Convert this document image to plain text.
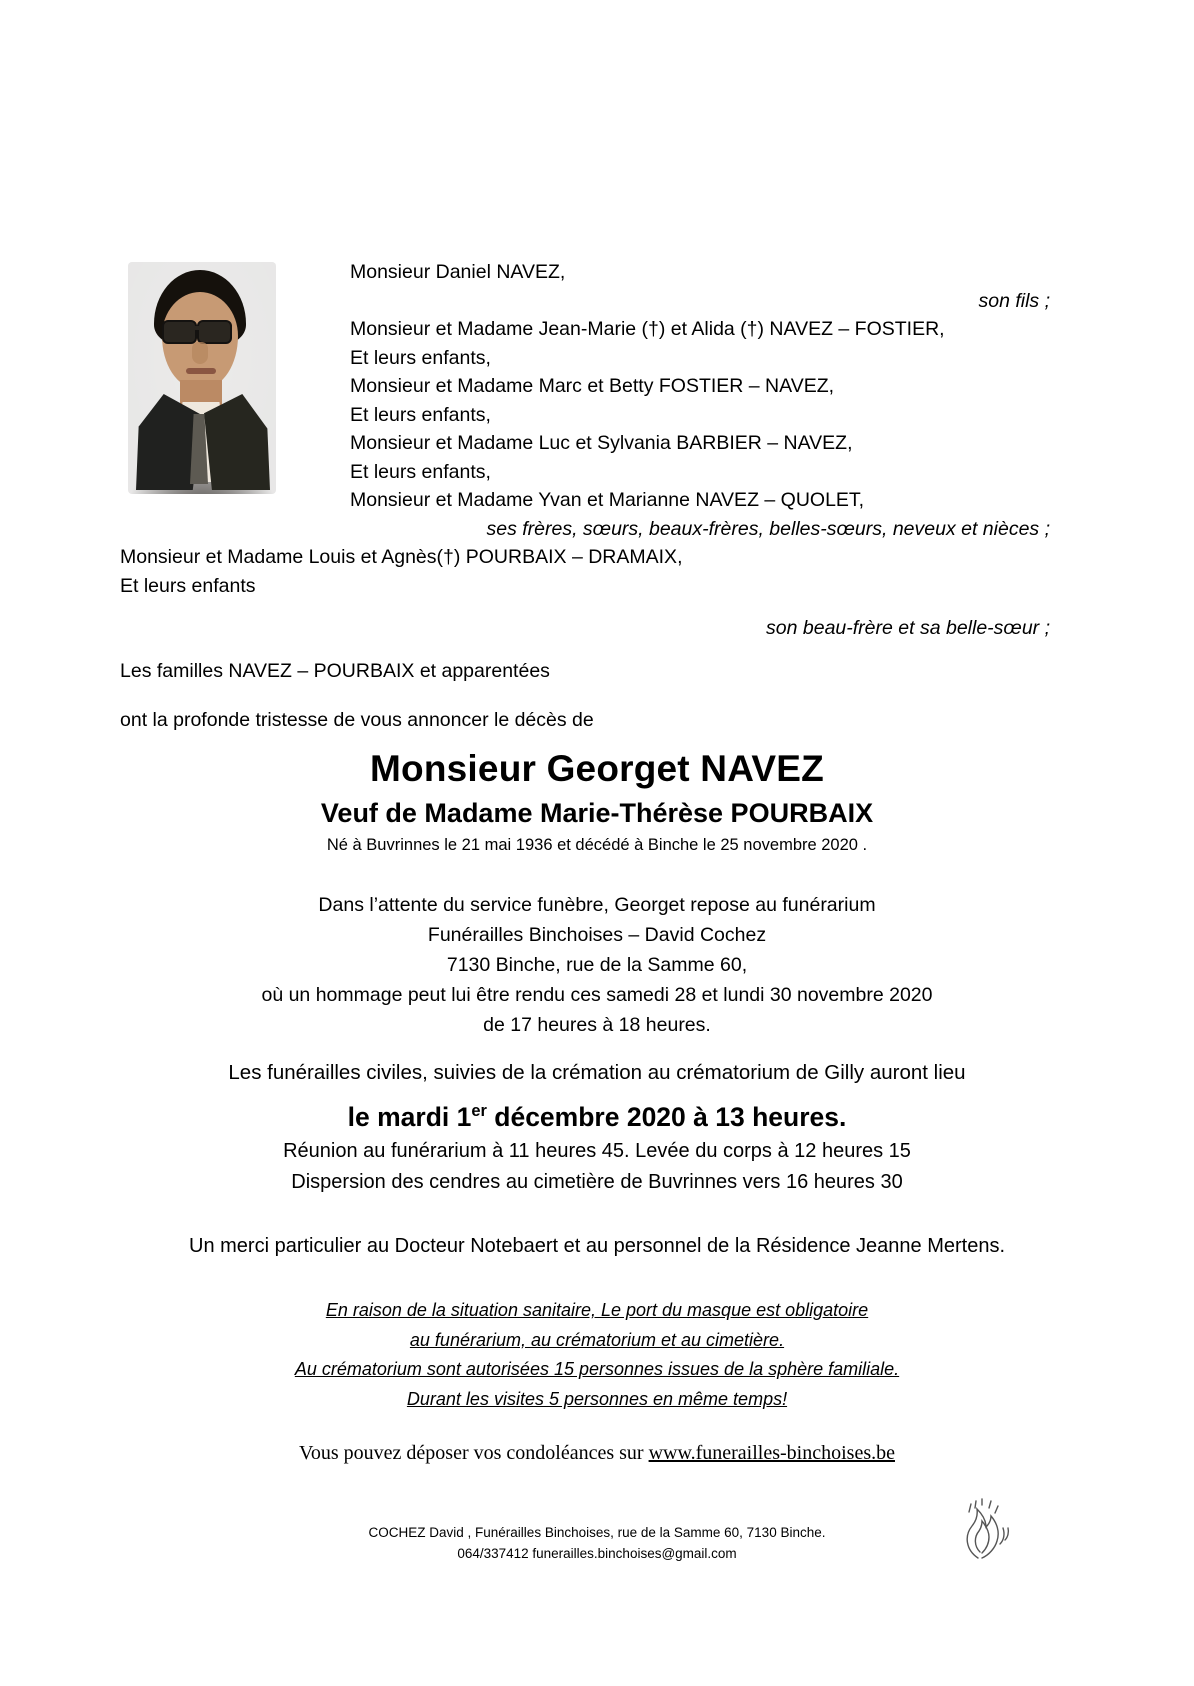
Monsieur Daniel NAVEZ,
son fils ;
Monsieur et Madame Jean-Marie (†) et Alida (†) NAVEZ – FOSTIER,
Et leurs enfants,
Monsieur et Madame Marc et Betty FOSTIER – NAVEZ,
Et leurs enfants,
Monsieur et Madame Luc et Sylvania BARBIER – NAVEZ,
Et leurs enfants,
Monsieur et Madame Yvan et Marianne NAVEZ – QUOLET,
ses frères, sœurs, beaux-frères, belles-sœurs, neveux et nièces ;
Monsieur et Madame Louis et Agnès(†) POURBAIX – DRAMAIX,
Et leurs enfants
son beau-frère et sa belle-sœur ;
Les familles NAVEZ – POURBAIX et apparentées
ont la profonde tristesse de vous annoncer le décès de
Monsieur Georget NAVEZ
Veuf de Madame Marie-Thérèse POURBAIX
Né à Buvrinnes le 21 mai 1936 et décédé à Binche le 25 novembre 2020 .
Dans l’attente du service funèbre, Georget repose au funérarium
Funérailles Binchoises – David Cochez
7130 Binche, rue de la Samme 60,
où un hommage peut lui être rendu ces samedi 28 et lundi 30 novembre 2020
de 17 heures à 18 heures.
Les funérailles civiles, suivies de la crémation au crématorium de Gilly auront lieu
le mardi 1er décembre 2020 à 13 heures.
Réunion au funérarium à 11 heures 45. Levée du corps à 12 heures 15
Dispersion des cendres au cimetière de Buvrinnes vers 16 heures 30
Un merci particulier au Docteur Notebaert et au personnel de la Résidence Jeanne Mertens.
En raison de la situation sanitaire, Le port du masque est obligatoire
au funérarium, au crématorium et au cimetière.
Au crématorium sont autorisées 15 personnes issues de la sphère familiale.
Durant les visites 5 personnes en même temps!
Vous pouvez déposer vos condoléances sur www.funerailles-binchoises.be
COCHEZ David , Funérailles Binchoises, rue de la Samme 60, 7130 Binche.
064/337412 funerailles.binchoises@gmail.com
